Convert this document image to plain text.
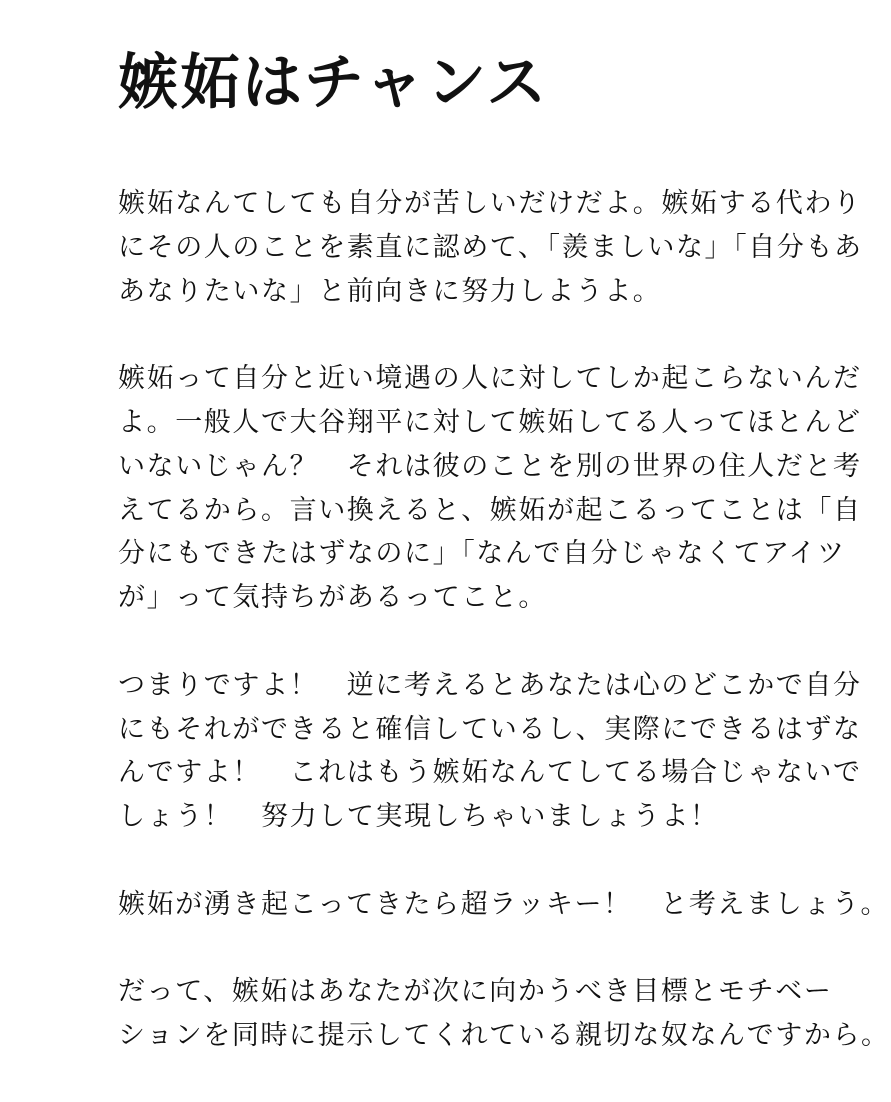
嫉妬はチャンス

嫉妬なんてしても自分が苦しいだけだよ。嫉妬する代わり
にその人のことを素直に認めて、「羨ましいな」「自分もあ
あなりたいな」と前向きに努力しようよ。

嫉妬って自分と近い境遇の人に対してしか起こらないんだ
よ。一般人で大谷翔平に対して嫉妬してる人ってほとんど
いないじゃん？　それは彼のことを別の世界の住人だと考
えてるから。言い換えると、嫉妬が起こるってことは「自
分にもできたはずなのに」「なんで自分じゃなくてアイツ
が」って気持ちがあるってこと。

つまりですよ！　逆に考えるとあなたは心のどこかで自分
にもそれができると確信しているし、実際にできるはずな
んですよ！　これはもう嫉妬なんてしてる場合じゃないで
しょう！　努力して実現しちゃいましょうよ！

嫉妬が湧き起こってきたら超ラッキー！　と考えましょう。

だって、嫉妬はあなたが次に向かうべき目標とモチベー
ションを同時に提示してくれている親切な奴なんですから。
